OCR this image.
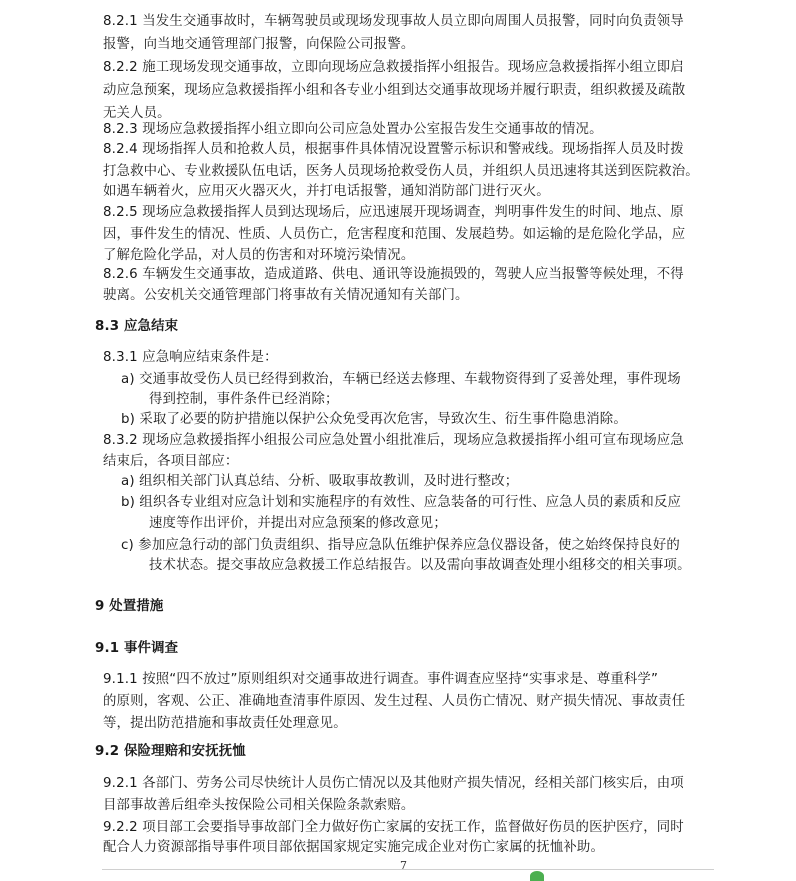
8.2.1 当发生交通事故时，车辆驾驶员或现场发现事故人员立即向周围人员报警，同时向负责领导
报警，向当地交通管理部门报警，向保险公司报警。
8.2.2 施工现场发现交通事故，立即向现场应急救援指挥小组报告。现场应急救援指挥小组立即启
动应急预案，现场应急救援指挥小组和各专业小组到达交通事故现场并履行职责，组织救援及疏散
无关人员。
8.2.3 现场应急救援指挥小组立即向公司应急处置办公室报告发生交通事故的情况。
8.2.4 现场指挥人员和抢救人员，根据事件具体情况设置警示标识和警戒线。现场指挥人员及时拨
打急救中心、专业救援队伍电话，医务人员现场抢救受伤人员，并组织人员迅速将其送到医院救治。
如遇车辆着火，应用灭火器灭火，并打电话报警，通知消防部门进行灭火。
8.2.5 现场应急救援指挥人员到达现场后，应迅速展开现场调查，判明事件发生的时间、地点、原
因，事件发生的情况、性质、人员伤亡，危害程度和范围、发展趋势。如运输的是危险化学品，应
了解危险化学品，对人员的伤害和对环境污染情况。
8.2.6 车辆发生交通事故，造成道路、供电、通讯等设施损毁的，驾驶人应当报警等候处理，不得
驶离。公安机关交通管理部门将事故有关情况通知有关部门。
8.3 应急结束
8.3.1 应急响应结束条件是：
a) 交通事故受伤人员已经得到救治，车辆已经送去修理、车载物资得到了妥善处理，事件现场
得到控制，事件条件已经消除；
b) 采取了必要的防护措施以保护公众免受再次危害，导致次生、衍生事件隐患消除。
8.3.2 现场应急救援指挥小组报公司应急处置小组批准后，现场应急救援指挥小组可宣布现场应急
结束后，各项目部应：
a) 组织相关部门认真总结、分析、吸取事故教训，及时进行整改；
b) 组织各专业组对应急计划和实施程序的有效性、应急装备的可行性、应急人员的素质和反应
速度等作出评价，并提出对应急预案的修改意见；
c) 参加应急行动的部门负责组织、指导应急队伍维护保养应急仪器设备，使之始终保持良好的
技术状态。提交事故应急救援工作总结报告。以及需向事故调查处理小组移交的相关事项。
9 处置措施
9.1 事件调查
9.1.1 按照“四不放过”原则组织对交通事故进行调查。事件调查应坚持“实事求是、尊重科学”
的原则，客观、公正、准确地查清事件原因、发生过程、人员伤亡情况、财产损失情况、事故责任
等，提出防范措施和事故责任处理意见。
9.2 保险理赔和安抚抚恤
9.2.1 各部门、劳务公司尽快统计人员伤亡情况以及其他财产损失情况，经相关部门核实后，由项
目部事故善后组牵头按保险公司相关保险条款索赔。
9.2.2 项目部工会要指导事故部门全力做好伤亡家属的安抚工作，监督做好伤员的医护医疗，同时
配合人力资源部指导事件项目部依据国家规定实施完成企业对伤亡家属的抚恤补助。
7
